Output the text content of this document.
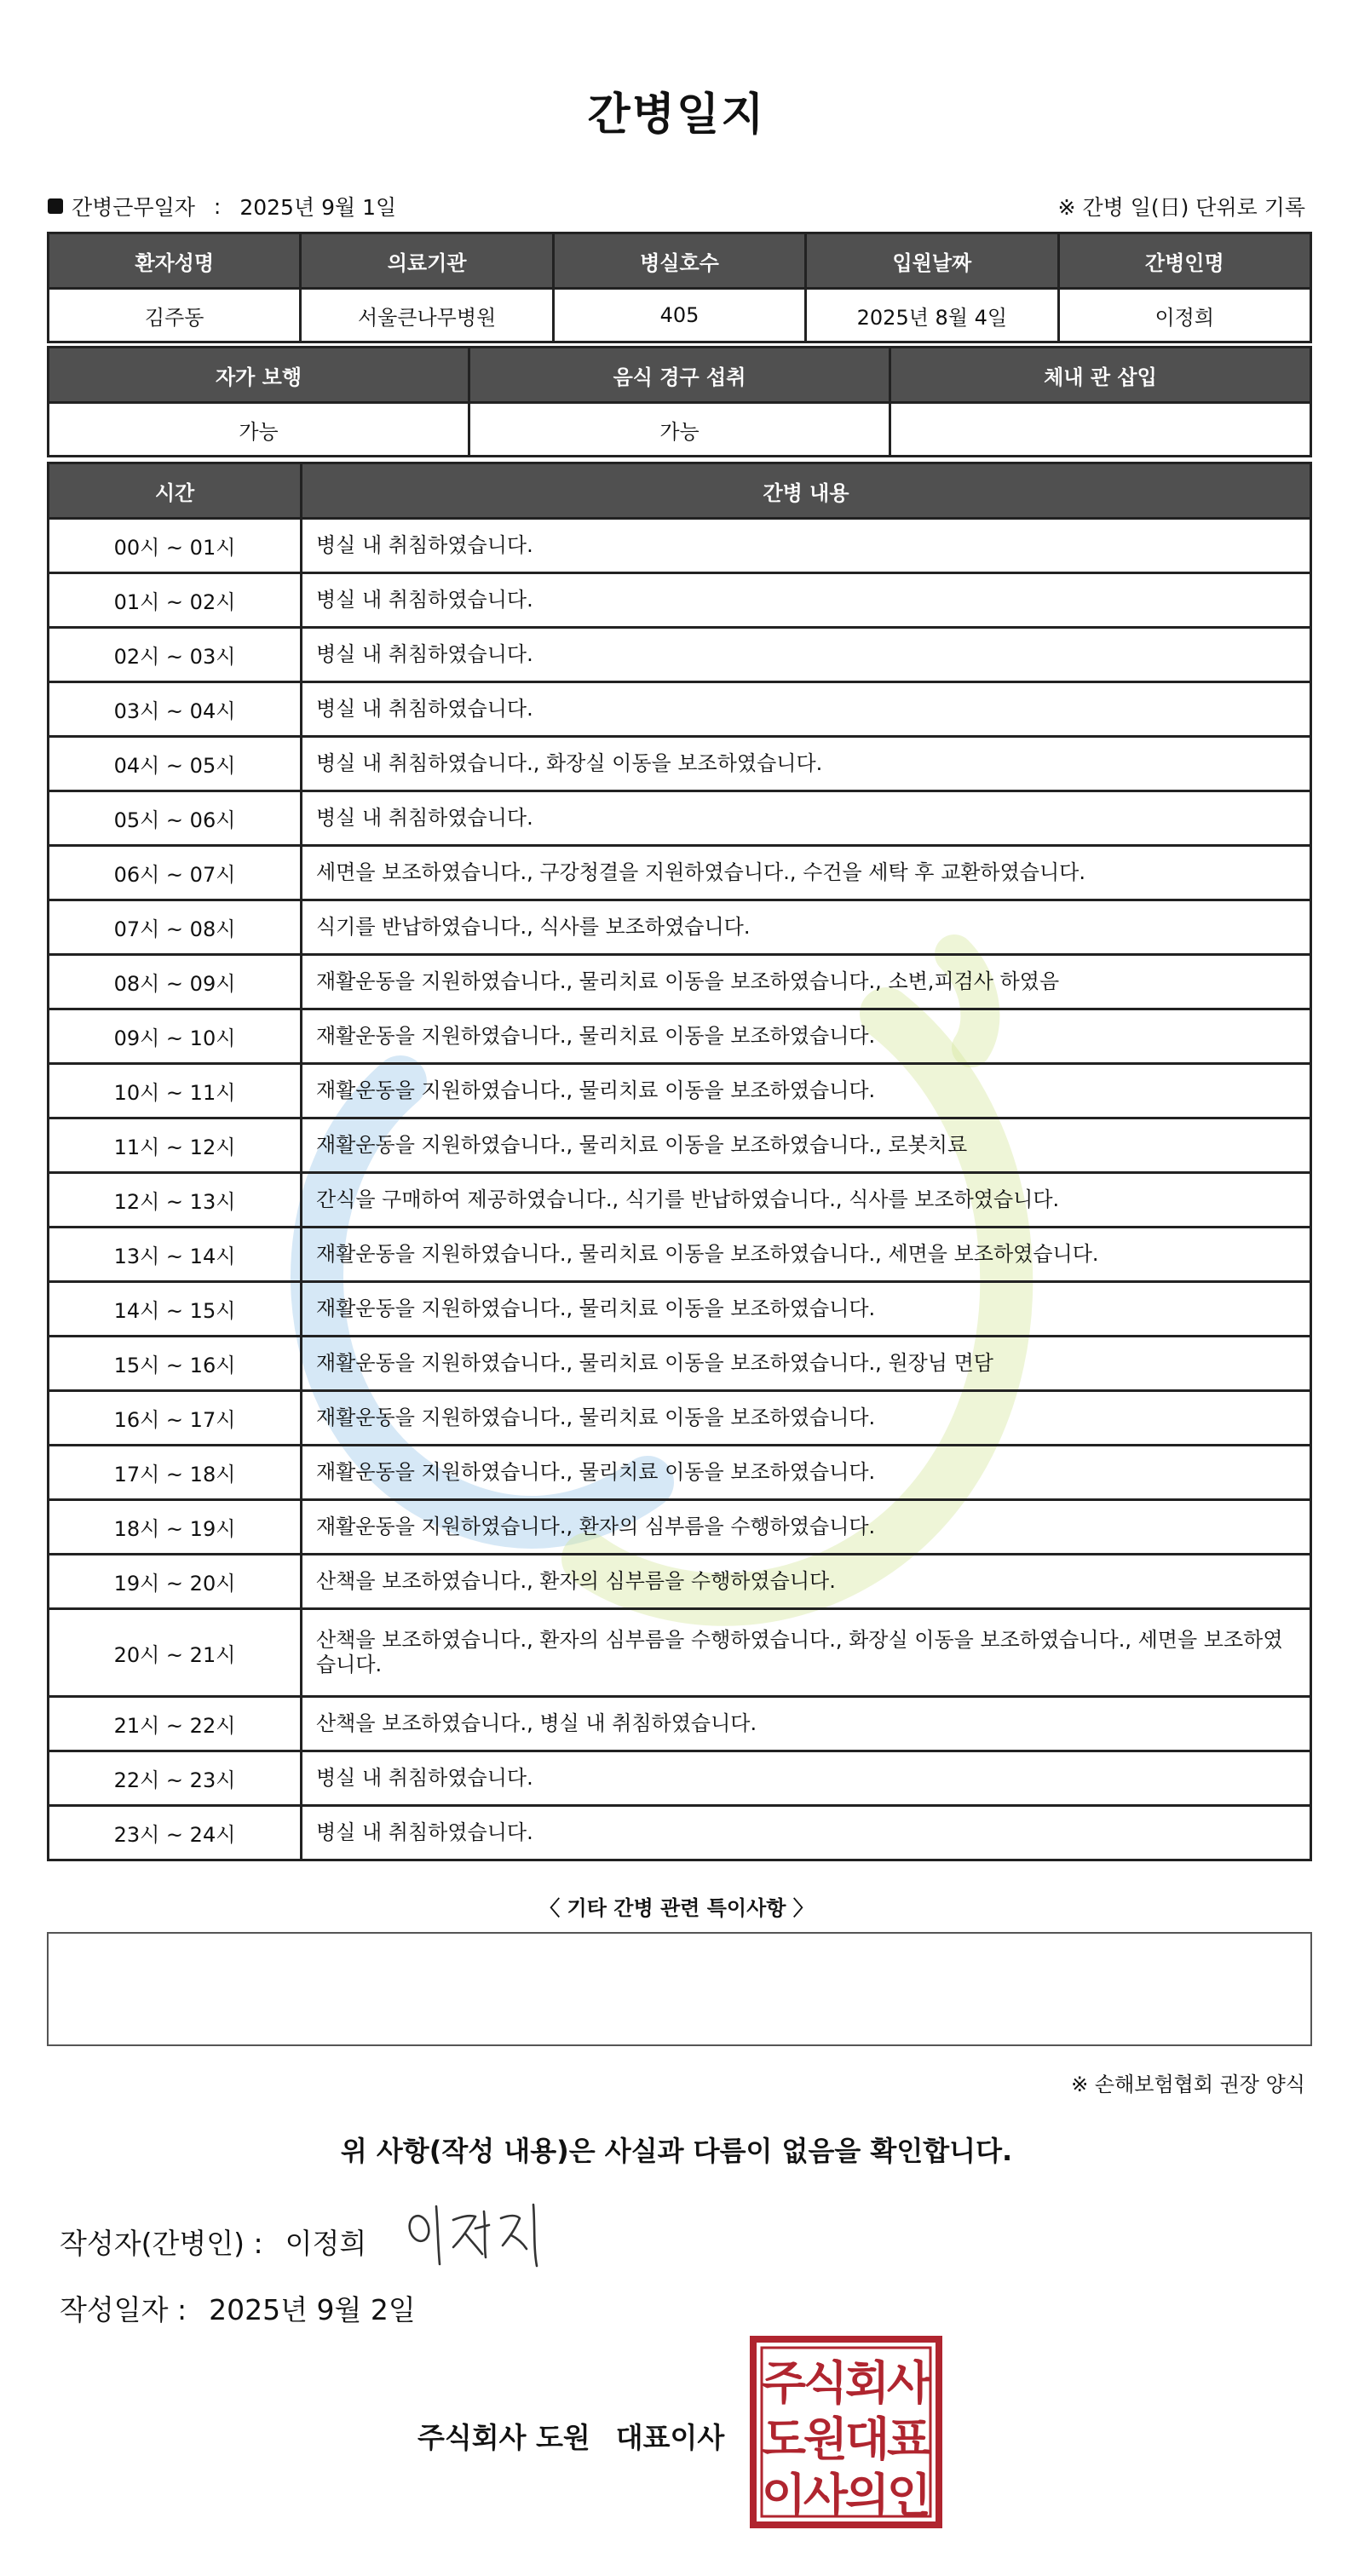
간병일지
간병근무일자 : 2025년 9월 1일	※ 간병 일(日) 단위로 기록
환자성명	의료기관	병실호수	입원날짜	간병인명
김주동	서울큰나무병원	405	2025년 8월 4일	이정희
자가 보행	음식 경구 섭취	체내 관 삽입
가능	가능	
시간	간병 내용
00시 ~ 01시	병실 내 취침하였습니다.
01시 ~ 02시	병실 내 취침하였습니다.
02시 ~ 03시	병실 내 취침하였습니다.
03시 ~ 04시	병실 내 취침하였습니다.
04시 ~ 05시	병실 내 취침하였습니다., 화장실 이동을 보조하였습니다.
05시 ~ 06시	병실 내 취침하였습니다.
06시 ~ 07시	세면을 보조하였습니다., 구강청결을 지원하였습니다., 수건을 세탁 후 교환하였습니다.
07시 ~ 08시	식기를 반납하였습니다., 식사를 보조하였습니다.
08시 ~ 09시	재활운동을 지원하였습니다., 물리치료 이동을 보조하였습니다., 소변,피검사 하였음
09시 ~ 10시	재활운동을 지원하였습니다., 물리치료 이동을 보조하였습니다.
10시 ~ 11시	재활운동을 지원하였습니다., 물리치료 이동을 보조하였습니다.
11시 ~ 12시	재활운동을 지원하였습니다., 물리치료 이동을 보조하였습니다., 로봇치료
12시 ~ 13시	간식을 구매하여 제공하였습니다., 식기를 반납하였습니다., 식사를 보조하였습니다.
13시 ~ 14시	재활운동을 지원하였습니다., 물리치료 이동을 보조하였습니다., 세면을 보조하였습니다.
14시 ~ 15시	재활운동을 지원하였습니다., 물리치료 이동을 보조하였습니다.
15시 ~ 16시	재활운동을 지원하였습니다., 물리치료 이동을 보조하였습니다., 원장님 면담
16시 ~ 17시	재활운동을 지원하였습니다., 물리치료 이동을 보조하였습니다.
17시 ~ 18시	재활운동을 지원하였습니다., 물리치료 이동을 보조하였습니다.
18시 ~ 19시	재활운동을 지원하였습니다., 환자의 심부름을 수행하였습니다.
19시 ~ 20시	산책을 보조하였습니다., 환자의 심부름을 수행하였습니다.
20시 ~ 21시	산책을 보조하였습니다., 환자의 심부름을 수행하였습니다., 화장실 이동을 보조하였습니다., 세면을 보조하였습니다.
21시 ~ 22시	산책을 보조하였습니다., 병실 내 취침하였습니다.
22시 ~ 23시	병실 내 취침하였습니다.
23시 ~ 24시	병실 내 취침하였습니다.
〈 기타 간병 관련 특이사항 〉
※ 손해보험협회 권장 양식
위 사항(작성 내용)은 사실과 다름이 없음을 확인합니다.
작성자(간병인) : 이정희
작성일자 : 2025년 9월 2일
주식회사 도원 대표이사
주
식
회
사
도
원
대
표
이
사
의
인
